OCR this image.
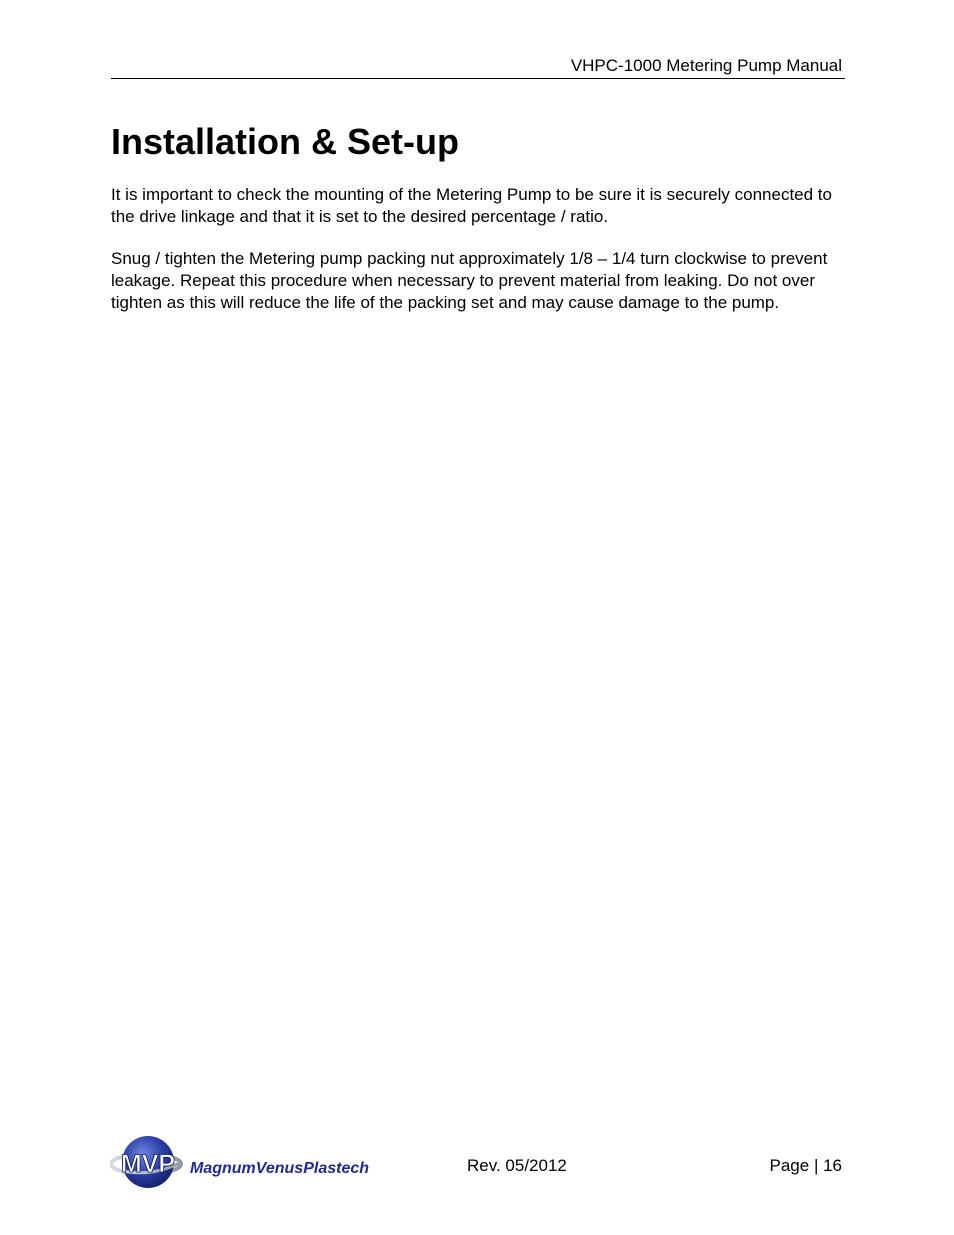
VHPC-1000 Metering Pump Manual
Installation & Set-up

It is important to check the mounting of the Metering Pump to be sure it is securely connected to the drive linkage and that it is set to the desired percentage / ratio.

Snug / tighten the Metering pump packing nut approximately 1/8 – 1/4 turn clockwise to prevent leakage. Repeat this procedure when necessary to prevent material from leaking. Do not over tighten as this will reduce the life of the packing set and may cause damage to the pump.

MVP MagnumVenusPlastech	Rev. 05/2012	Page | 16
